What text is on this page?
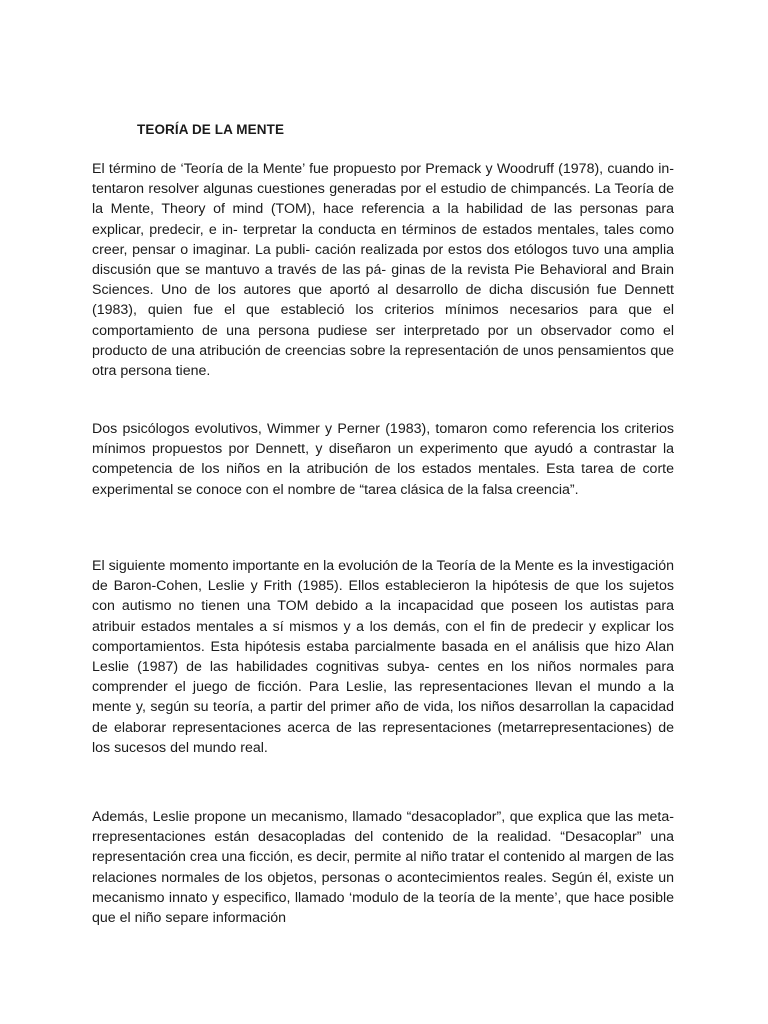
TEORÍA DE LA MENTE

El término de ‘Teoría de la Mente’ fue propuesto por Premack y Woodruff (1978), cuando in- tentaron resolver algunas cuestiones generadas por el estudio de chimpancés. La Teoría de la Mente, Theory of mind (TOM), hace referencia a la habilidad de las personas para explicar, predecir, e in- terpretar la conducta en términos de estados mentales, tales como creer, pensar o imaginar. La publi- cación realizada por estos dos etólogos tuvo una amplia discusión que se mantuvo a través de las pá- ginas de la revista Pie Behavioral and Brain Sciences. Uno de los autores que aportó al desarrollo de dicha discusión fue Dennett (1983), quien fue el que estableció los criterios mínimos necesarios para que el comportamiento de una persona pudiese ser interpretado por un observador como el producto de una atribución de creencias sobre la representación de unos pensamientos que otra persona tiene.

Dos psicólogos evolutivos, Wimmer y Perner (1983), tomaron como referencia los criterios mínimos propuestos por Dennett, y diseñaron un experimento que ayudó a contrastar la competencia de los niños en la atribución de los estados mentales. Esta tarea de corte experimental se conoce con el nombre de “tarea clásica de la falsa creencia”.

El siguiente momento importante en la evolución de la Teoría de la Mente es la investigación de Baron-Cohen, Leslie y Frith (1985). Ellos establecieron la hipótesis de que los sujetos con autismo no tienen una TOM debido a la incapacidad que poseen los autistas para atribuir estados mentales a sí mismos y a los demás, con el fin de predecir y explicar los comportamientos. Esta hipótesis estaba parcialmente basada en el análisis que hizo Alan Leslie (1987) de las habilidades cognitivas subya- centes en los niños normales para comprender el juego de ficción. Para Leslie, las representaciones llevan el mundo a la mente y, según su teoría, a partir del primer año de vida, los niños desarrollan la capacidad de elaborar representaciones acerca de las representaciones (metarrepresentaciones) de los sucesos del mundo real.

Además, Leslie propone un mecanismo, llamado “desacoplador”, que explica que las meta- rrepresentaciones están desacopladas del contenido de la realidad. “Desacoplar” una representación crea una ficción, es decir, permite al niño tratar el contenido al margen de las relaciones normales de los objetos, personas o acontecimientos reales. Según él, existe un mecanismo innato y especifico, llamado ‘modulo de la teoría de la mente’, que hace posible que el niño separe información
